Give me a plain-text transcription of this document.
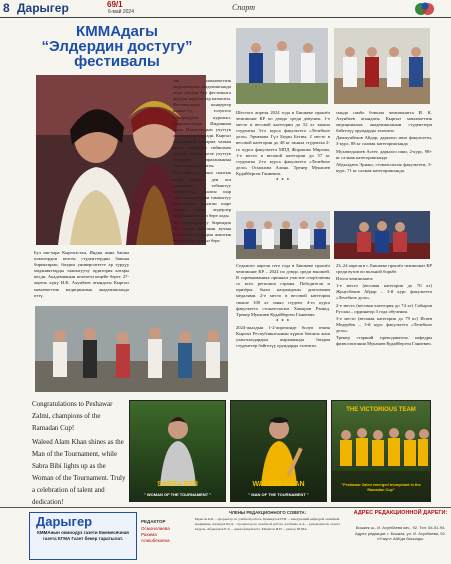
8 Дарыгер	69/1
6-май 2024	Спорт
КММАдагы
“Элдердин достугу”
фестивалы

ган мамлекеттик медициналык академиясында окуп жаткан бул фестивалга жүздөн коруучулар катышты. Фестивалдын концертер кымыс-ту толуктоо номерлерден куралып, Кыргызстанда, Индиянын жана Пакистандын улуттук аспаптарын берилди. Кыргыз академиясы чыгарма чаткан жана жыйынды тийишмек кондук, жашоо келе улуттук өнөрүнө аралашынын тексттерин катышты.

Бул ойлоосу жана сынтык ишке ашыруу ден аса жарандык табыштуу кецейчүлүп, жалпы шар жана тилкелердин тамшытуу максатында ачылган шарт жарды, жаш лидерлер тарабынан шагыл бере алды.

Ар тургундуулуу бириндик биз жаша чынгакан кучын уюшулган элдердин жаштык бириктире, тамсыз бере.

Бул иш-чара Кыргызстан, Индия жана башка өлкөлөрдөн келген студенттердин башын бириктирип, биздин университетте ар түрдүү маданияттарды таанытуучу аудитория катары келди. Академиянын келечеги кеңейе берет. 27-апрель күнү И.К. Ахунбаев атындагы Кыргыз мамлекеттик медициналык академиясында өттү.

Шестого апреля 2024 года в Бишкеке прошёл чемпионат КР по дзюдо среди девушек. 1-е место в весовой категории до 52 кг заняла студентка 3-го курса факультета «Лечебное дело» Эрмекова Гүл Бедан Бегим, 2 место в весовой категории до 48 кг заняла студентка 2-го курса факультета МПД Жорокова Мирзим, 1-е место в весовой категории до 57 кг студентка 2-го курса факультета «Лечебное дело» Осмонова Алина. Тренер Мукашев Кудайберген Ганиевич.

* * *

сында самбо боюнча чемпионатта И. К. Ахунбаев атындагы Кыргыз мамлекеттик медициналык академиясынын студенттери байгелүү орундарды ээлешти:

Джамунбеков Айдар, дарылоо иши факультети, 3-курс, 88 кг салмак категориясында

Мухамедалиев Асеет, дарылоо иши, 2-курс, 98+ кг салмак категориясында

Абдылдаев Эрнаш, стоматология факультети, 3-курс, 71 кг салмак категориясында.

Седьмого апреля сего года в Бишкеке прошёл чемпионат КР – 2024 по дзюдо среди юношей. В соревнованиях приняли участие спортсмены со всех регионов страны. Победители и призёры были награждены дипломами медалями. 2-е место в весовой категории свыше 100 кг занял студент 4-го курса факультета стоматологии Хакыров Рашид. Тренер Мукашев Кудайберген Ганиевич.

* * *

2024-жылдын 1-2-апрелинде болуп өткөн Кыргыз Республикасынын күрөш боюнча жаш улан-кыздардын жарышында биздин студенттер байгелүү орундарды ээлешти.

23–24 апреля в г. Бишкеке прошёл чемпионат КР среди вузов по вольной борьбе.

Итоги чемпионата:

1-е место (весовая категория до 70 кг) Жунусбеков Айдар – 3-й курс факультета «Лечебное дело».

2-е место (весовая категория до 74 кг) Сабыров Руслан – ординатор 3 года обучения.

3-е место (весовая категория до 79 кг) Исаев Медербек – 3-й курс факультета «Лечебное дело».

Тренер старший преподаватель кафедры физвоспитания Мукашев Кудайберген Ганиевич.

Congratulations to Peshawar Zalmi, champions of the Ramadan Cup!

Waleed Alam Khan shines as the Man of the Tournament, while Sabra Bibi lights up as the Woman of the Tournament. Truly a celebration of talent and dedication!

SABRA BIBI
" WOMAN OF THE TOURNAMENT "
WALEED KHAN
" MAN OF THE TOURNAMENT "
THE VICTORIOUS TEAM
"Peshawar Zalmi emerged triumphant in the Ramadan Cup"
Дарыгер
КММАнын окмоодуз газети Ежемесячная газета КГМА Газет бекер таратылат.
РЕДАКТОР
Осмонолиева Рахима Алишбековна
ЧЛЕНЫ РЕДАКЦИОННОГО СОВЕТА:
Ырысов К.Б. – проректор по учебной работе, Бримкулов Н.Н. – заведующий кафедрой семейной медицины, Ахмедов Ш.Д. – проректор по лечебной работе, Атабаева А.А. – руководитель отдела кадров, Абдылдаев Е.А. – декан факультета, Маматов Н.Н. – ректор КГМА.
АДРЕС РЕДАКЦИОННОЙ ДАРЕГИ:
Бишкек ш., И. Ахунбаева көч., 92. Тел: 54-51-94. Адрес редакции: г. Бишкек, ул. И. Ахунбаева, 92. «Учкун» ААКда басылды.
